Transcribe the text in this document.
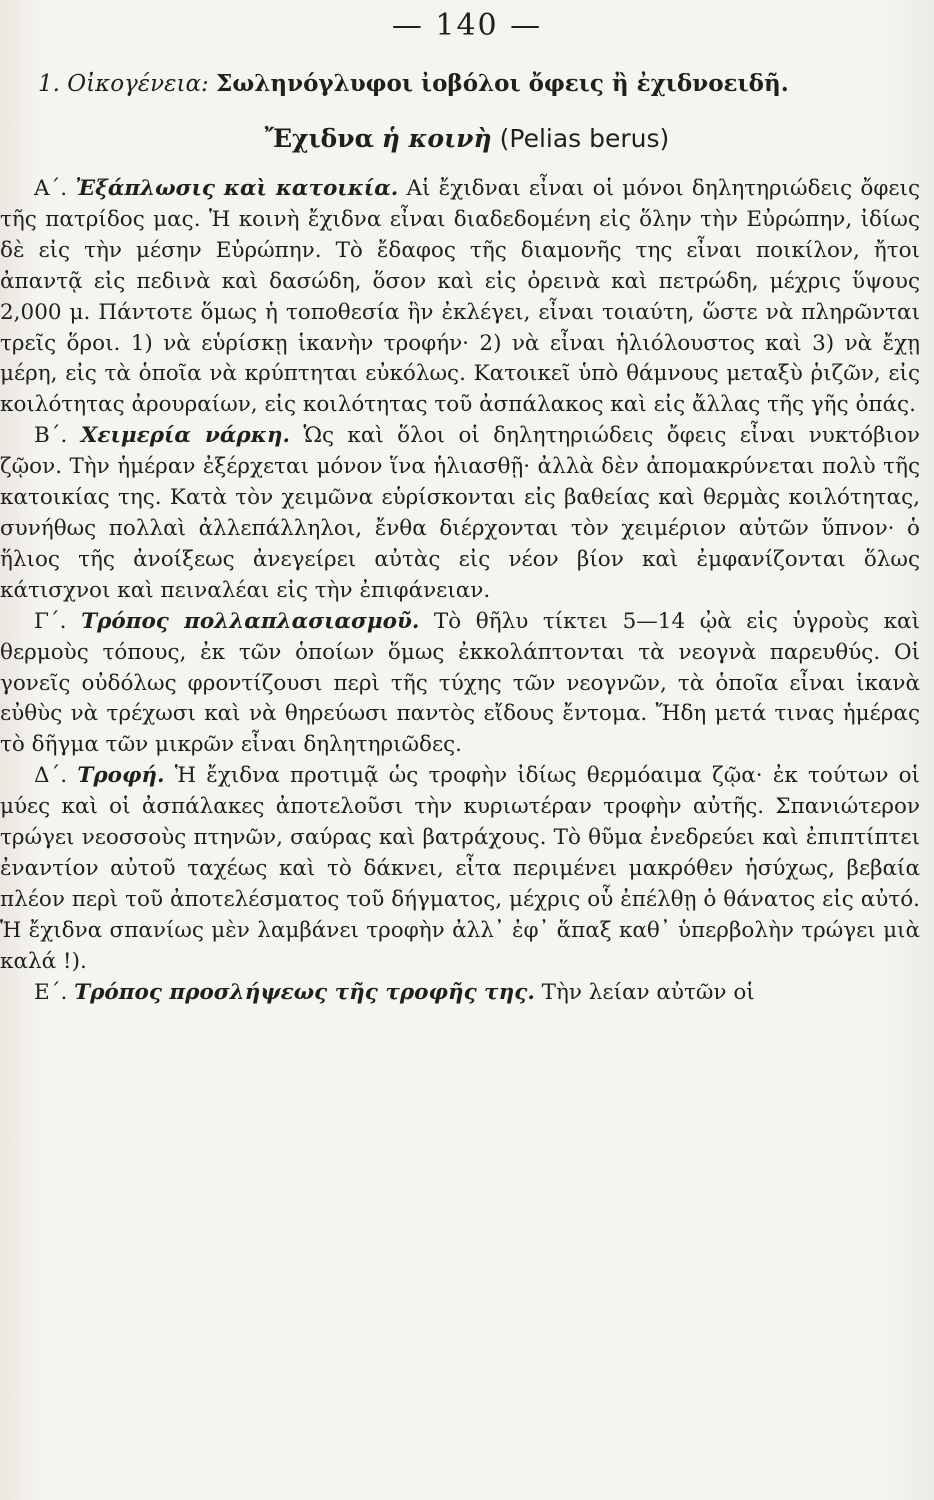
— 140 —
1. Οἰκογένεια: Σωληνόγλυφοι ἰοβόλοι ὄφεις ἢ ἐχιδνοειδῆ.
Ἔχιδνα ἡ κοινὴ (Pelias berus)

Α΄. Ἐξάπλωσις καὶ κατοικία. Αἱ ἔχιδναι εἶναι οἱ μόνοι δηλητηριώδεις ὄφεις τῆς πατρίδος μας. Ἡ κοινὴ ἔχιδνα εἶναι διαδεδομένη εἰς ὅλην τὴν Εὐρώπην, ἰδίως δὲ εἰς τὴν μέσην Εὐρώπην. Τὸ ἔδαφος τῆς διαμονῆς της εἶναι ποικίλον, ἤτοι ἀπαντᾷ εἰς πεδινὰ καὶ δασώδη, ὅσον καὶ εἰς ὀρεινὰ καὶ πετρώδη, μέχρις ὕψους 2,000 μ. Πάντοτε ὅμως ἡ τοποθεσία ἣν ἐκλέγει, εἶναι τοιαύτη, ὥστε νὰ πληρῶνται τρεῖς ὅροι. 1) νὰ εὑρίσκῃ ἱκανὴν τροφήν· 2) νὰ εἶναι ἡλιόλουστος καὶ 3) νὰ ἔχῃ μέρη, εἰς τὰ ὁποῖα νὰ κρύπτηται εὐκόλως. Κατοικεῖ ὑπὸ θάμνους μεταξὺ ῥιζῶν, εἰς κοιλότητας ἀρουραίων, εἰς κοιλότητας τοῦ ἀσπάλακος καὶ εἰς ἄλλας τῆς γῆς ὀπάς.

Β΄. Χειμερία νάρκη. Ὡς καὶ ὅλοι οἱ δηλητηριώδεις ὄφεις εἶναι νυκτόβιον ζῷον. Τὴν ἡμέραν ἐξέρχεται μόνον ἵνα ἡλιασθῇ· ἀλλὰ δὲν ἀπομακρύνεται πολὺ τῆς κατοικίας της. Κατὰ τὸν χειμῶνα εὑρίσκονται εἰς βαθείας καὶ θερμὰς κοιλότητας, συνήθως πολλαὶ ἀλλεπάλληλοι, ἔνθα διέρχονται τὸν χειμέριον αὐτῶν ὕπνον· ὁ ἥλιος τῆς ἀνοίξεως ἀνεγείρει αὐτὰς εἰς νέον βίον καὶ ἐμφανίζονται ὅλως κάτισχνοι καὶ πειναλέαι εἰς τὴν ἐπιφάνειαν.

Γ΄. Τρόπος πολλαπλασιασμοῦ. Τὸ θῆλυ τίκτει 5—14 ᾠὰ εἰς ὑγροὺς καὶ θερμοὺς τόπους, ἐκ τῶν ὁποίων ὅμως ἐκκολάπτονται τὰ νεογνὰ παρευθύς. Οἱ γονεῖς οὐδόλως φροντίζουσι περὶ τῆς τύχης τῶν νεογνῶν, τὰ ὁποῖα εἶναι ἱκανὰ εὐθὺς νὰ τρέχωσι καὶ νὰ θηρεύωσι παντὸς εἴδους ἔντομα. Ἤδη μετά τινας ἡμέρας τὸ δῆγμα τῶν μικρῶν εἶναι δηλητηριῶδες.

Δ΄. Τροφή. Ἡ ἔχιδνα προτιμᾷ ὡς τροφὴν ἰδίως θερμόαιμα ζῷα· ἐκ τούτων οἱ μύες καὶ οἱ ἀσπάλακες ἀποτελοῦσι τὴν κυριωτέραν τροφὴν αὐτῆς. Σπανιώτερον τρώγει νεοσσοὺς πτηνῶν, σαύρας καὶ βατράχους. Τὸ θῦμα ἐνεδρεύει καὶ ἐπιπτίπτει ἐναντίον αὐτοῦ ταχέως καὶ τὸ δάκνει, εἶτα περιμένει μακρόθεν ἡσύχως, βεβαία πλέον περὶ τοῦ ἀποτελέσματος τοῦ δήγματος, μέχρις οὗ ἐπέλθῃ ὁ θάνατος εἰς αὐτό. Ἡ ἔχιδνα σπανίως μὲν λαμβάνει τροφὴν ἀλλ᾽ ἐφ᾽ ἅπαξ καθ᾽ ὑπερβολὴν τρώγει μιὰ καλά !).

Ε΄. Τρόπος προσλήψεως τῆς τροφῆς της. Τὴν λείαν αὐτῶν οἱ
